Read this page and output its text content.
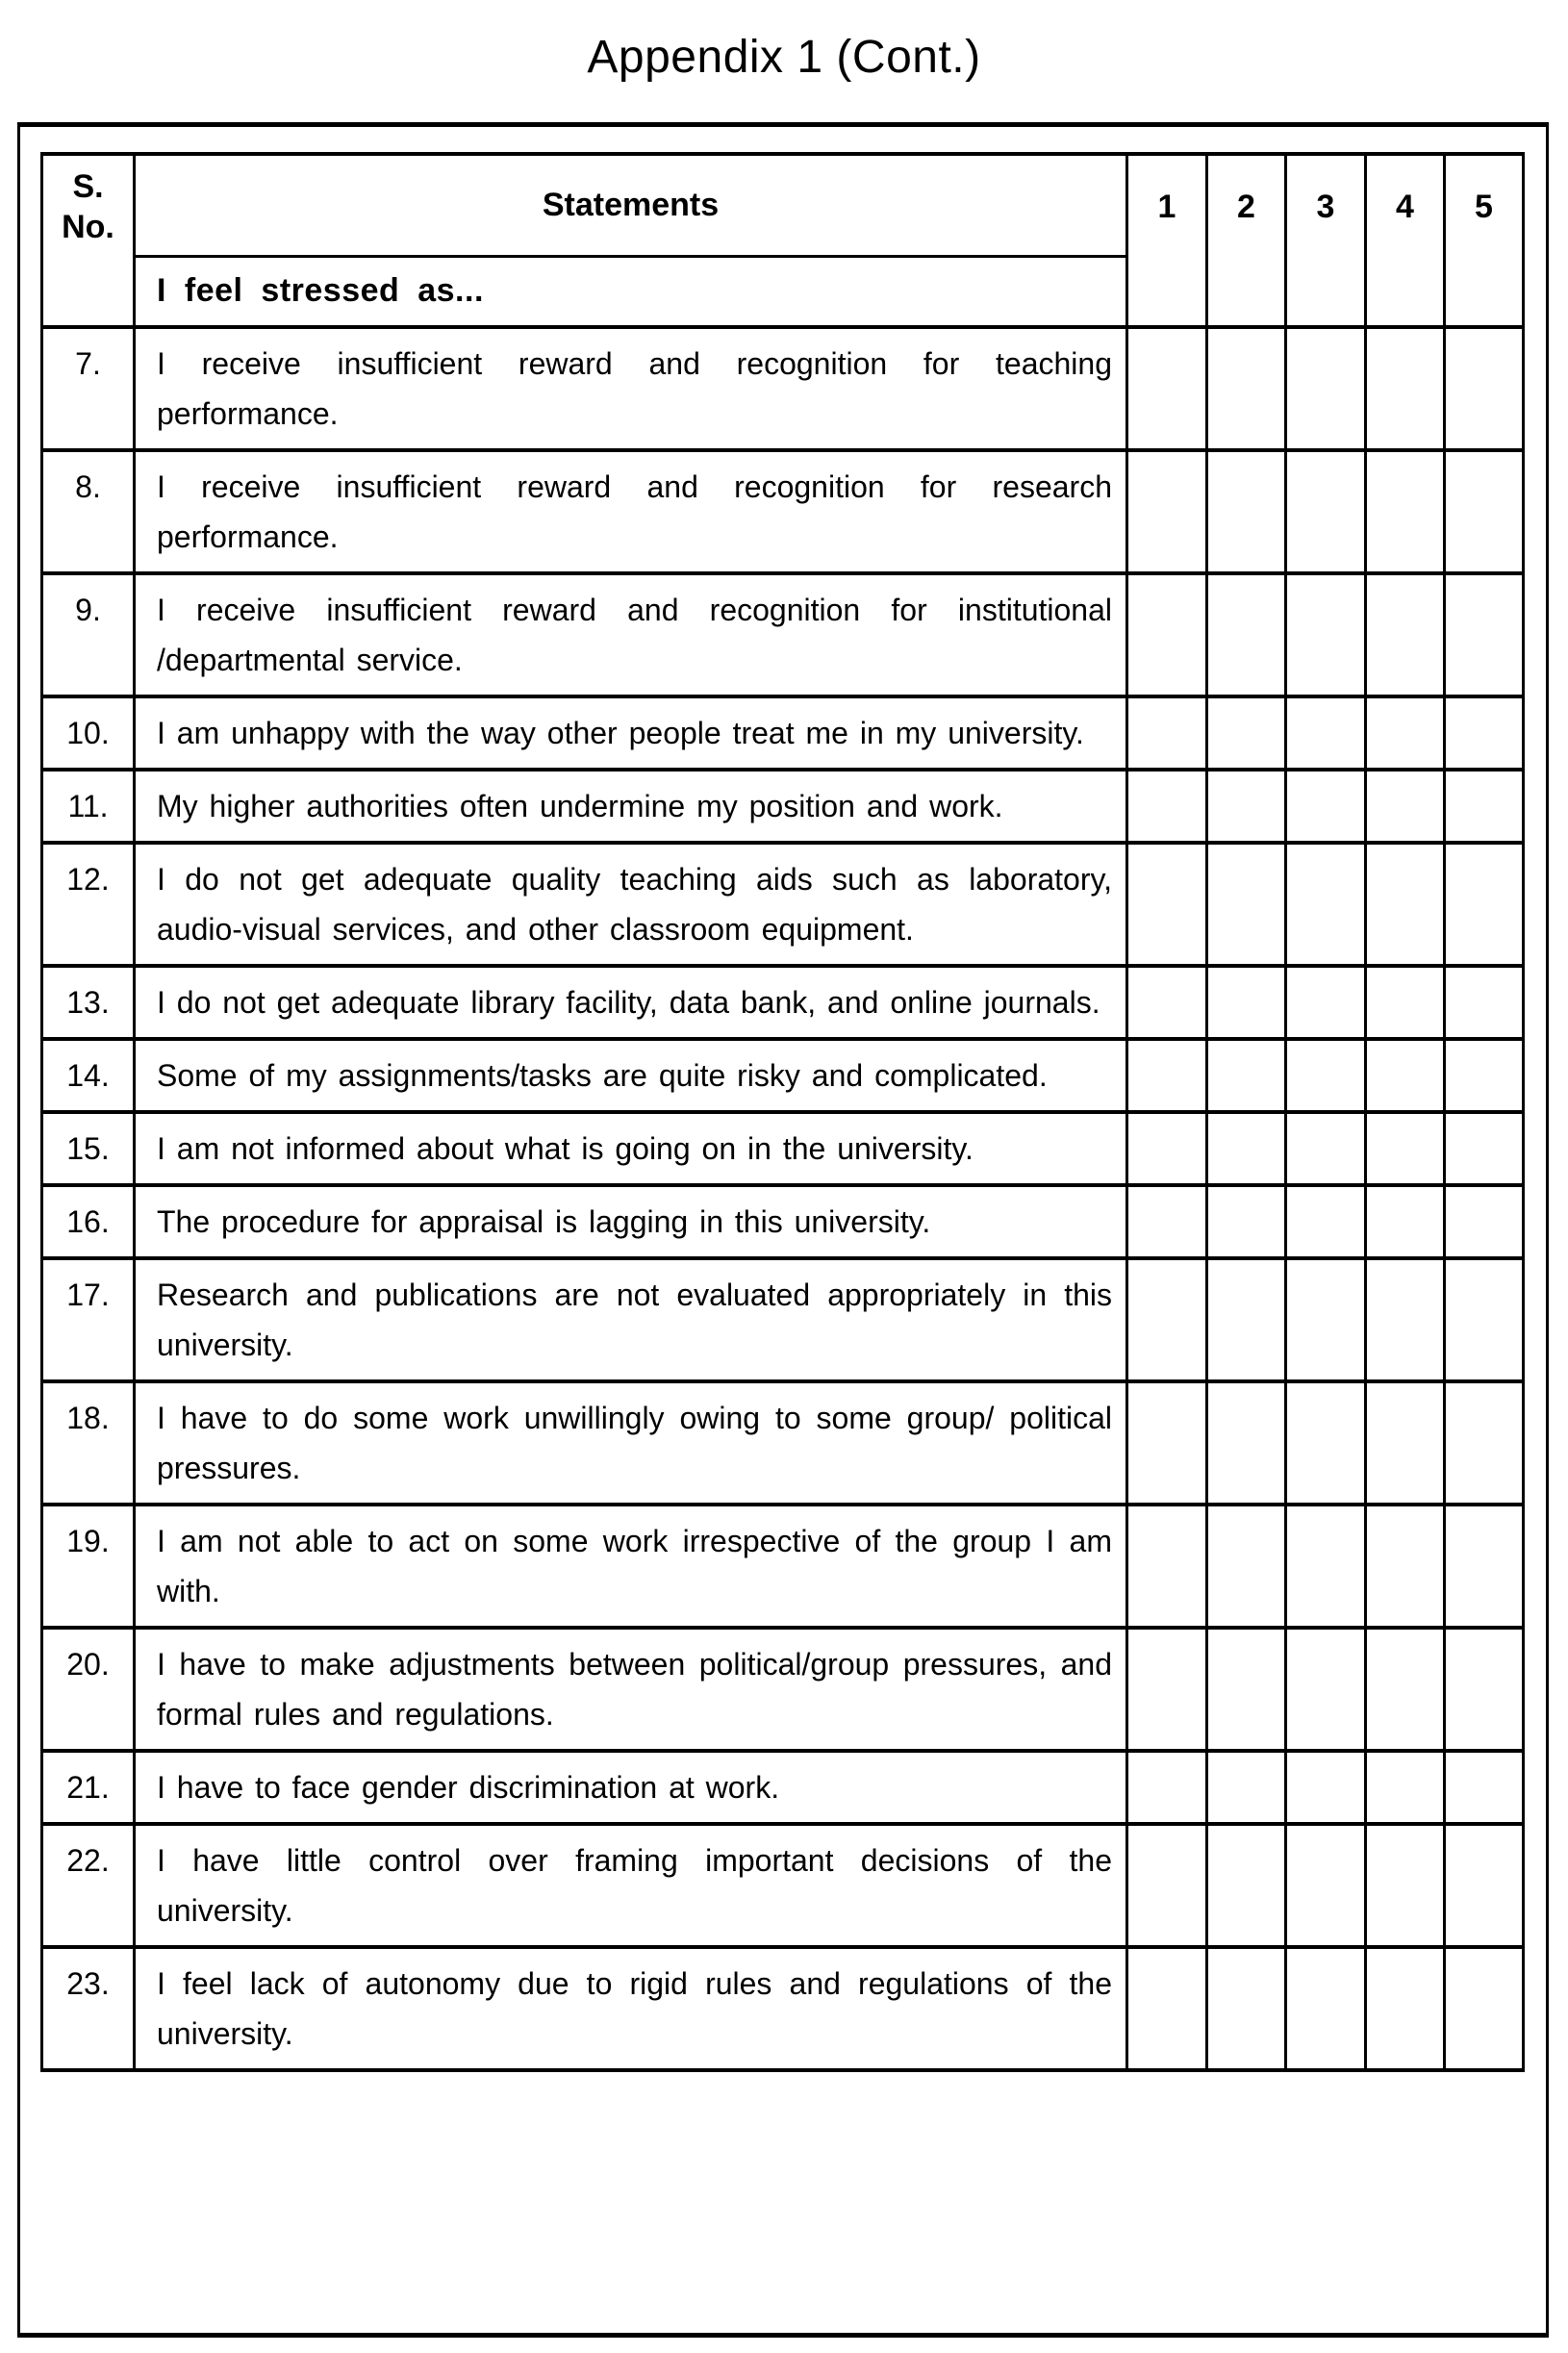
Appendix 1 (Cont.)
S.
No.	Statements	1	2	3	4	5

	I feel stressed as...					
7.	I receive insufficient reward and recognition for teaching performance.					
8.	I receive insufficient reward and recognition for research performance.					
9.	I receive insufficient reward and recognition for institutional /departmental service.					
10.	I am unhappy with the way other people treat me in my university.					
11.	My higher authorities often undermine my position and work.					
12.	I do not get adequate quality teaching aids such as laboratory, audio-visual services, and other classroom equipment.					
13.	I do not get adequate library facility, data bank, and online journals.					
14.	Some of my assignments/tasks are quite risky and complicated.					
15.	I am not informed about what is going on in the university.					
16.	The procedure for appraisal is lagging in this university.					
17.	Research and publications are not evaluated appropriately in this university.					
18.	I have to do some work unwillingly owing to some group/ political pressures.					
19.	I am not able to act on some work irrespective of the group I am with.					
20.	I have to make adjustments between political/group pressures, and formal rules and regulations.					
21.	I have to face gender discrimination at work.					
22.	I have little control over framing important decisions of the university.					
23.	I feel lack of autonomy due to rigid rules and regulations of the university.					
